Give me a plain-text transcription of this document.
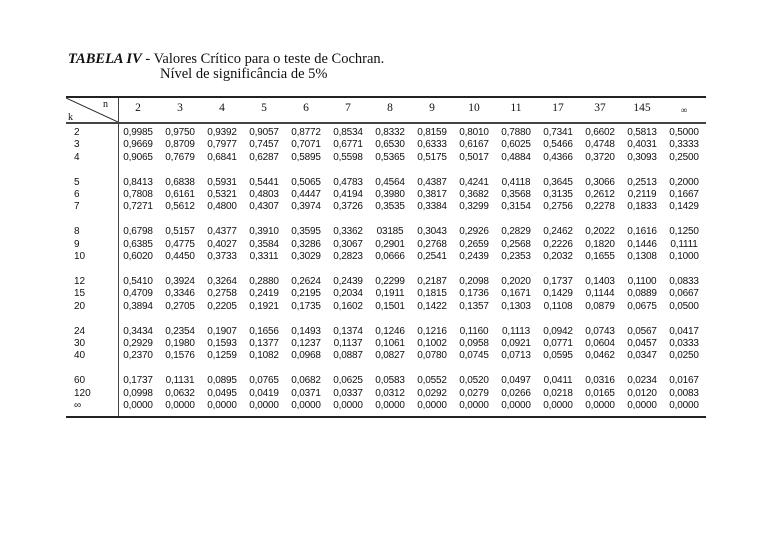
TABELA IV - Valores Crítico para o teste de Cochran.
Nível de significância de 5%
n
k
2	3	4	5	6	7	8	9	10	11	17	37	145	∞
2	0,9985	0,9750	0,9392	0,9057	0,8772	0,8534	0,8332	0,8159	0,8010	0,7880	0,7341	0,6602	0,5813	0,5000
3	0,9669	0,8709	0,7977	0,7457	0,7071	0,6771	0,6530	0,6333	0,6167	0,6025	0,5466	0,4748	0,4031	0,3333
4	0,9065	0,7679	0,6841	0,6287	0,5895	0,5598	0,5365	0,5175	0,5017	0,4884	0,4366	0,3720	0,3093	0,2500
5	0,8413	0,6838	0,5931	0,5441	0,5065	0,4783	0,4564	0,4387	0,4241	0,4118	0,3645	0,3066	0,2513	0,2000
6	0,7808	0,6161	0,5321	0,4803	0,4447	0,4194	0,3980	0,3817	0,3682	0,3568	0,3135	0,2612	0,2119	0,1667
7	0,7271	0,5612	0,4800	0,4307	0,3974	0,3726	0,3535	0,3384	0,3299	0,3154	0,2756	0,2278	0,1833	0,1429
8	0,6798	0,5157	0,4377	0,3910	0,3595	0,3362	03185	0,3043	0,2926	0,2829	0,2462	0,2022	0,1616	0,1250
9	0,6385	0,4775	0,4027	0,3584	0,3286	0,3067	0,2901	0,2768	0,2659	0,2568	0,2226	0,1820	0,1446	0,1111
10	0,6020	0,4450	0,3733	0,3311	0,3029	0,2823	0,0666	0,2541	0,2439	0,2353	0,2032	0,1655	0,1308	0,1000
12	0,5410	0,3924	0,3264	0,2880	0,2624	0,2439	0,2299	0,2187	0,2098	0,2020	0,1737	0,1403	0,1100	0,0833
15	0,4709	0,3346	0,2758	0,2419	0,2195	0,2034	0,1911	0,1815	0,1736	0,1671	0,1429	0,1144	0,0889	0,0667
20	0,3894	0,2705	0,2205	0,1921	0,1735	0,1602	0,1501	0,1422	0,1357	0,1303	0,1108	0,0879	0,0675	0,0500
24	0,3434	0,2354	0,1907	0,1656	0,1493	0,1374	0,1246	0,1216	0,1160	0,1113	0,0942	0,0743	0,0567	0,0417
30	0,2929	0,1980	0,1593	0,1377	0,1237	0,1137	0,1061	0,1002	0,0958	0,0921	0,0771	0,0604	0,0457	0,0333
40	0,2370	0,1576	0,1259	0,1082	0,0968	0,0887	0,0827	0,0780	0,0745	0,0713	0,0595	0,0462	0,0347	0,0250
60	0,1737	0,1131	0,0895	0,0765	0,0682	0,0625	0,0583	0,0552	0,0520	0,0497	0,0411	0,0316	0,0234	0,0167
120	0,0998	0,0632	0,0495	0,0419	0,0371	0,0337	0,0312	0,0292	0,0279	0,0266	0,0218	0,0165	0,0120	0,0083
∞	0,0000	0,0000	0,0000	0,0000	0,0000	0,0000	0,0000	0,0000	0,0000	0,0000	0,0000	0,0000	0,0000	0,0000
